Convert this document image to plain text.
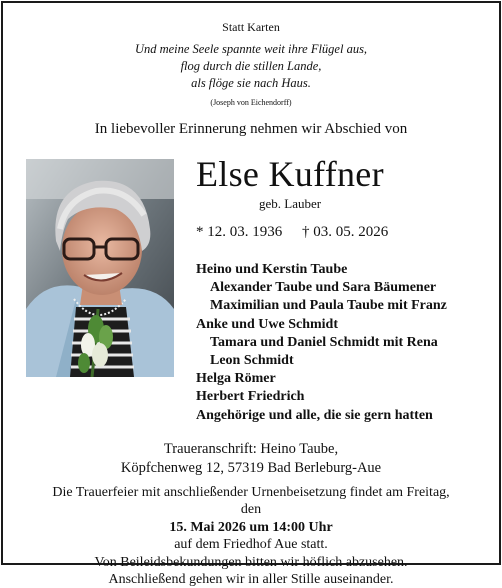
Statt Karten
Und meine Seele spannte weit ihre Flügel aus,
flog durch die stillen Lande,
als flöge sie nach Haus.
(Joseph von Eichendorff)
In liebevoller Erinnerung nehmen wir Abschied von
Else Kuffner
geb. Lauber
* 12. 03. 1936 † 03. 05. 2026
Heino und Kerstin Taube
Alexander Taube und Sara Bäumener
Maximilian und Paula Taube mit Franz
Anke und Uwe Schmidt
Tamara und Daniel Schmidt mit Rena
Leon Schmidt
Helga Römer
Herbert Friedrich
Angehörige und alle, die sie gern hatten
Traueranschrift: Heino Taube,
Köpfchenweg 12, 57319 Bad Berleburg-Aue
Die Trauerfeier mit anschließender Urnenbeisetzung findet am Freitag,
den
15. Mai 2026 um 14:00 Uhr
auf dem Friedhof Aue statt.
Von Beileidsbekundungen bitten wir höflich abzusehen.
Anschließend gehen wir in aller Stille auseinander.
